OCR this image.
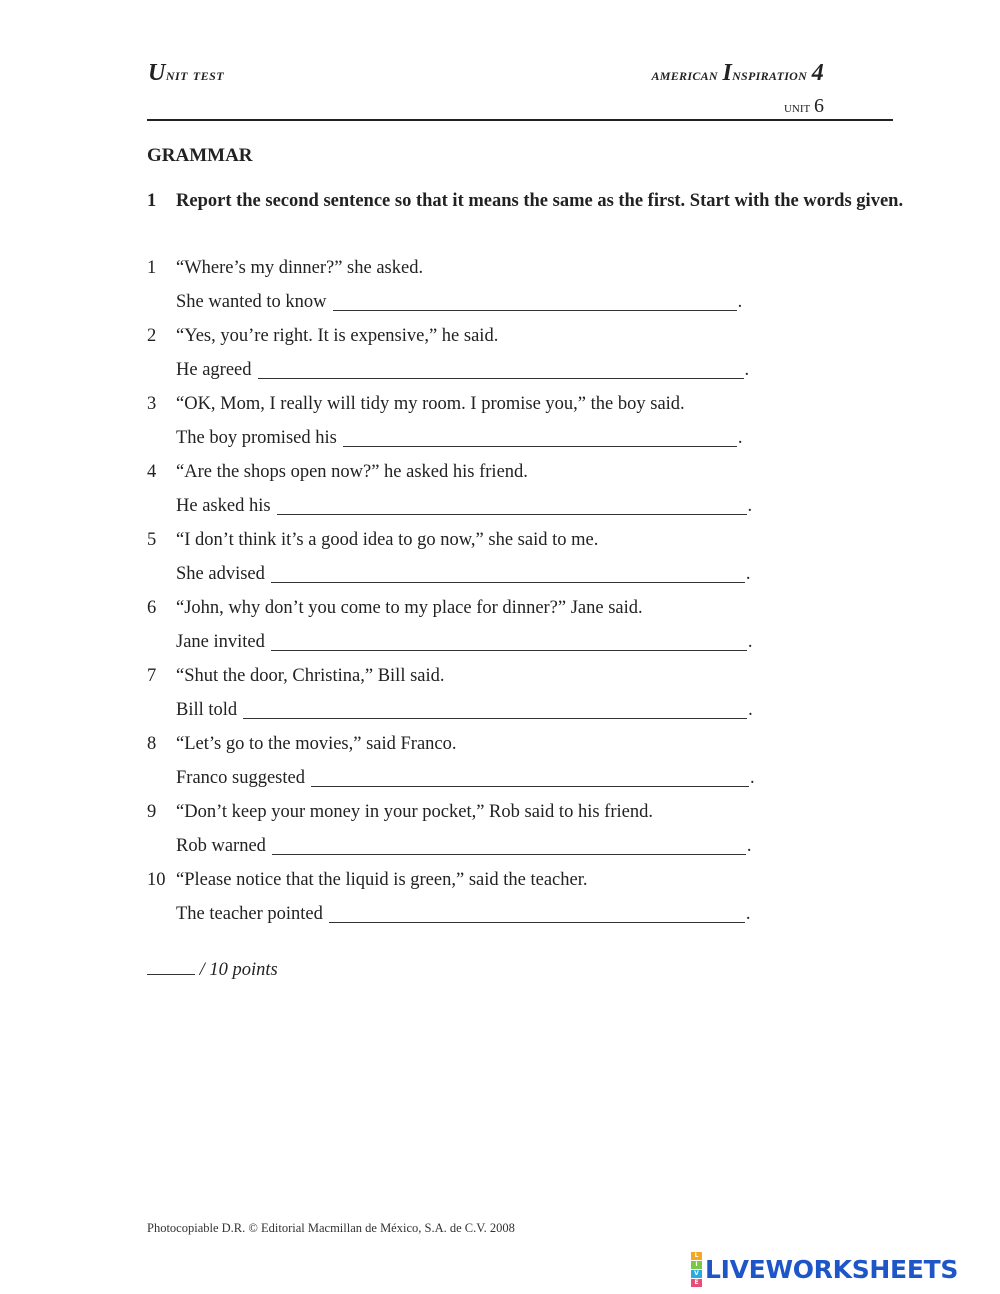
Unit test	american Inspiration 4
unit 6
GRAMMAR
1 Report the second sentence so that it means the same as the first. Start with the words given.
1 “Where’s my dinner?” she asked.
She wanted to know	.
2 “Yes, you’re right. It is expensive,” he said.
He agreed	.
3 “OK, Mom, I really will tidy my room. I promise you,” the boy said.
The boy promised his	.
4 “Are the shops open now?” he asked his friend.
He asked his	.
5 “I don’t think it’s a good idea to go now,” she said to me.
She advised	.
6 “John, why don’t you come to my place for dinner?” Jane said.
Jane invited	.
7 “Shut the door, Christina,” Bill said.
Bill told	.
8 “Let’s go to the movies,” said Franco.
Franco suggested	.
9 “Don’t keep your money in your pocket,” Rob said to his friend.
Rob warned	.
10 “Please notice that the liquid is green,” said the teacher.
The teacher pointed	.
/ 10 points
Photocopiable D.R. © Editorial Macmillan de México, S.A. de C.V. 2008
L
I
V
E LIVEWORKSHEETS
